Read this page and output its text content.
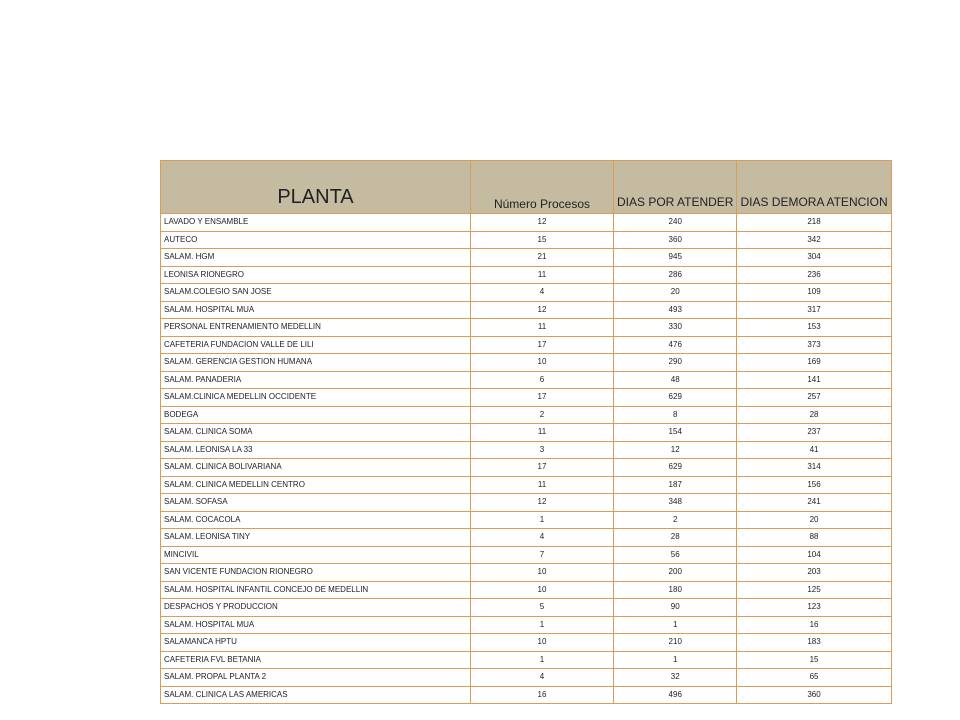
PLANTA	Número Procesos	DIAS POR ATENDER	DIAS DEMORA ATENCION
LAVADO Y ENSAMBLE	12	240	218
AUTECO	15	360	342
SALAM. HGM	21	945	304
LEONISA RIONEGRO	11	286	236
SALAM.COLEGIO SAN JOSE	4	20	109
SALAM. HOSPITAL MUA	12	493	317
PERSONAL ENTRENAMIENTO MEDELLIN	11	330	153
CAFETERIA FUNDACION VALLE DE LILI	17	476	373
SALAM. GERENCIA GESTION HUMANA	10	290	169
SALAM. PANADERIA	6	48	141
SALAM.CLINICA MEDELLIN OCCIDENTE	17	629	257
BODEGA	2	8	28
SALAM. CLINICA SOMA	11	154	237
SALAM. LEONISA LA 33	3	12	41
SALAM. CLINICA BOLIVARIANA	17	629	314
SALAM. CLINICA MEDELLIN CENTRO	11	187	156
SALAM. SOFASA	12	348	241
SALAM. COCACOLA	1	2	20
SALAM. LEONISA TINY	4	28	88
MINCIVIL	7	56	104
SAN VICENTE FUNDACION RIONEGRO	10	200	203
SALAM. HOSPITAL INFANTIL CONCEJO DE MEDELLIN	10	180	125
DESPACHOS Y PRODUCCION	5	90	123
SALAM. HOSPITAL MUA	1	1	16
SALAMANCA HPTU	10	210	183
CAFETERIA FVL BETANIA	1	1	15
SALAM. PROPAL PLANTA 2	4	32	65
SALAM. CLINICA LAS AMERICAS	16	496	360
